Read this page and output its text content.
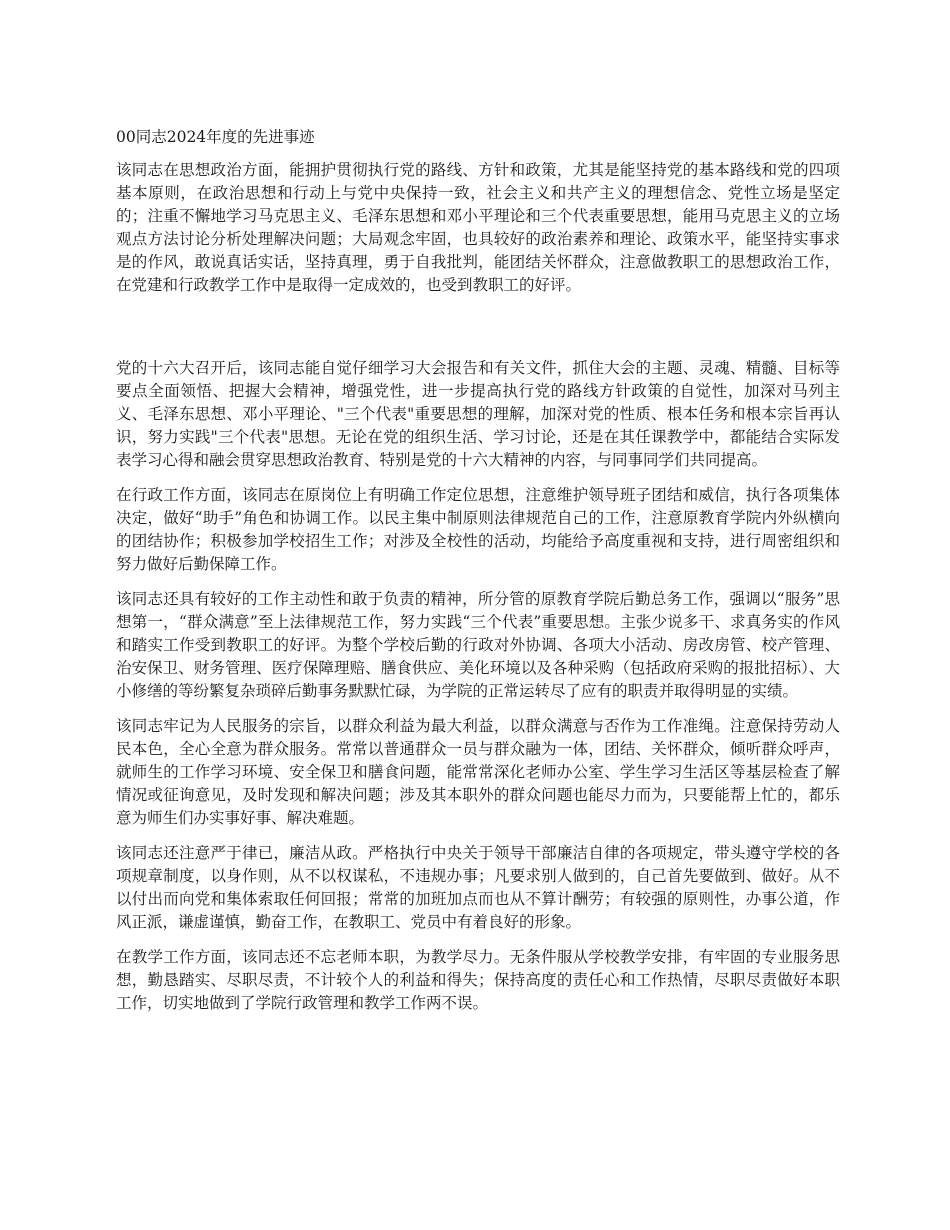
00同志2024年度的先进事迹

该同志在思想政治方面，能拥护贯彻执行党的路线、方针和政策，尤其是能坚持党的基本路线和党的四项基本原则，在政治思想和行动上与党中央保持一致，社会主义和共产主义的理想信念、党性立场是坚定的；注重不懈地学习马克思主义、毛泽东思想和邓小平理论和三个代表重要思想，能用马克思主义的立场观点方法讨论分析处理解决问题；大局观念牢固，也具较好的政治素养和理论、政策水平，能坚持实事求是的作风，敢说真话实话，坚持真理，勇于自我批判，能团结关怀群众，注意做教职工的思想政治工作，在党建和行政教学工作中是取得一定成效的，也受到教职工的好评。

党的十六大召开后，该同志能自觉仔细学习大会报告和有关文件，抓住大会的主题、灵魂、精髓、目标等要点全面领悟、把握大会精神，增强党性，进一步提高执行党的路线方针政策的自觉性，加深对马列主义、毛泽东思想、邓小平理论、"三个代表"重要思想的理解，加深对党的性质、根本任务和根本宗旨再认识，努力实践"三个代表"思想。无论在党的组织生活、学习讨论，还是在其任课教学中，都能结合实际发表学习心得和融会贯穿思想政治教育、特别是党的十六大精神的内容，与同事同学们共同提高。

在行政工作方面，该同志在原岗位上有明确工作定位思想，注意维护领导班子团结和威信，执行各项集体决定，做好“助手”角色和协调工作。以民主集中制原则法律规范自己的工作，注意原教育学院内外纵横向的团结协作；积极参加学校招生工作；对涉及全校性的活动，均能给予高度重视和支持，进行周密组织和努力做好后勤保障工作。

该同志还具有较好的工作主动性和敢于负责的精神，所分管的原教育学院后勤总务工作，强调以“服务”思想第一，“群众满意”至上法律规范工作，努力实践“三个代表”重要思想。主张少说多干、求真务实的作风和踏实工作受到教职工的好评。为整个学校后勤的行政对外协调、各项大小活动、房改房管、校产管理、治安保卫、财务管理、医疗保障理赔、膳食供应、美化环境以及各种采购（包括政府采购的报批招标）、大小修缮的等纷繁复杂琐碎后勤事务默默忙碌，为学院的正常运转尽了应有的职责并取得明显的实绩。

该同志牢记为人民服务的宗旨，以群众利益为最大利益，以群众满意与否作为工作准绳。注意保持劳动人民本色，全心全意为群众服务。常常以普通群众一员与群众融为一体，团结、关怀群众，倾听群众呼声，就师生的工作学习环境、安全保卫和膳食问题，能常常深化老师办公室、学生学习生活区等基层检查了解情况或征询意见，及时发现和解决问题；涉及其本职外的群众问题也能尽力而为，只要能帮上忙的，都乐意为师生们办实事好事、解决难题。

该同志还注意严于律已，廉洁从政。严格执行中央关于领导干部廉洁自律的各项规定，带头遵守学校的各项规章制度，以身作则，从不以权谋私，不违规办事；凡要求别人做到的，自己首先要做到、做好。从不以付出而向党和集体索取任何回报；常常的加班加点而也从不算计酬劳；有较强的原则性，办事公道，作风正派，谦虚谨慎，勤奋工作，在教职工、党员中有着良好的形象。

在教学工作方面，该同志还不忘老师本职，为教学尽力。无条件服从学校教学安排，有牢固的专业服务思想，勤恳踏实、尽职尽责，不计较个人的利益和得失；保持高度的责任心和工作热情，尽职尽责做好本职工作，切实地做到了学院行政管理和教学工作两不误。
